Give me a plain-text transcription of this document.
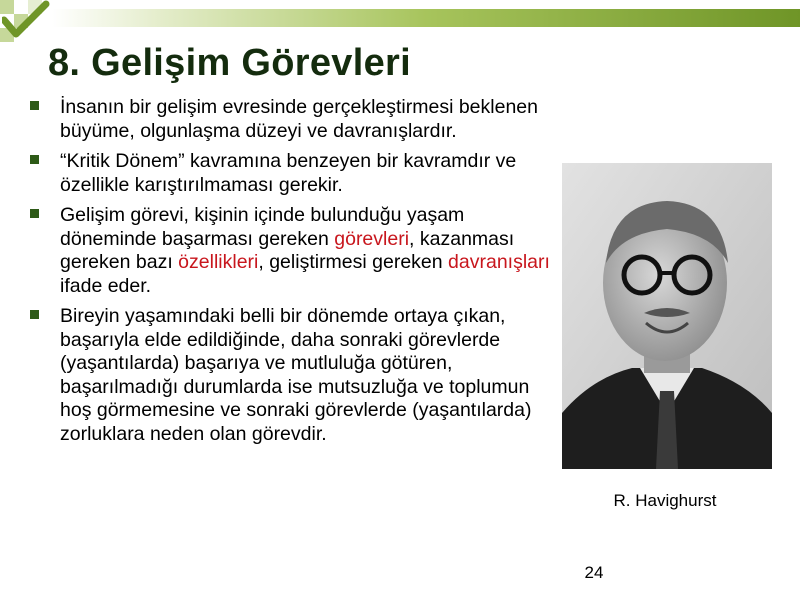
8. Gelişim Görevleri
İnsanın bir gelişim evresinde gerçekleştirmesi beklenen büyüme, olgunlaşma düzeyi ve davranışlardır.
“Kritik Dönem” kavramına benzeyen bir kavramdır ve özellikle karıştırılmaması gerekir.
Gelişim görevi, kişinin içinde bulunduğu yaşam döneminde başarması gereken görevleri, kazanması gereken bazı özellikleri, geliştirmesi gereken davranışları ifade eder.
Bireyin yaşamındaki belli bir dönemde ortaya çıkan, başarıyla elde edildiğinde, daha sonraki görevlerde (yaşantılarda) başarıya ve mutluluğa götüren, başarılmadığı durumlarda ise mutsuzluğa ve toplumun hoş görmemesine ve sonraki görevlerde (yaşantılarda) zorluklara neden olan görevdir.
R. Havighurst
24
